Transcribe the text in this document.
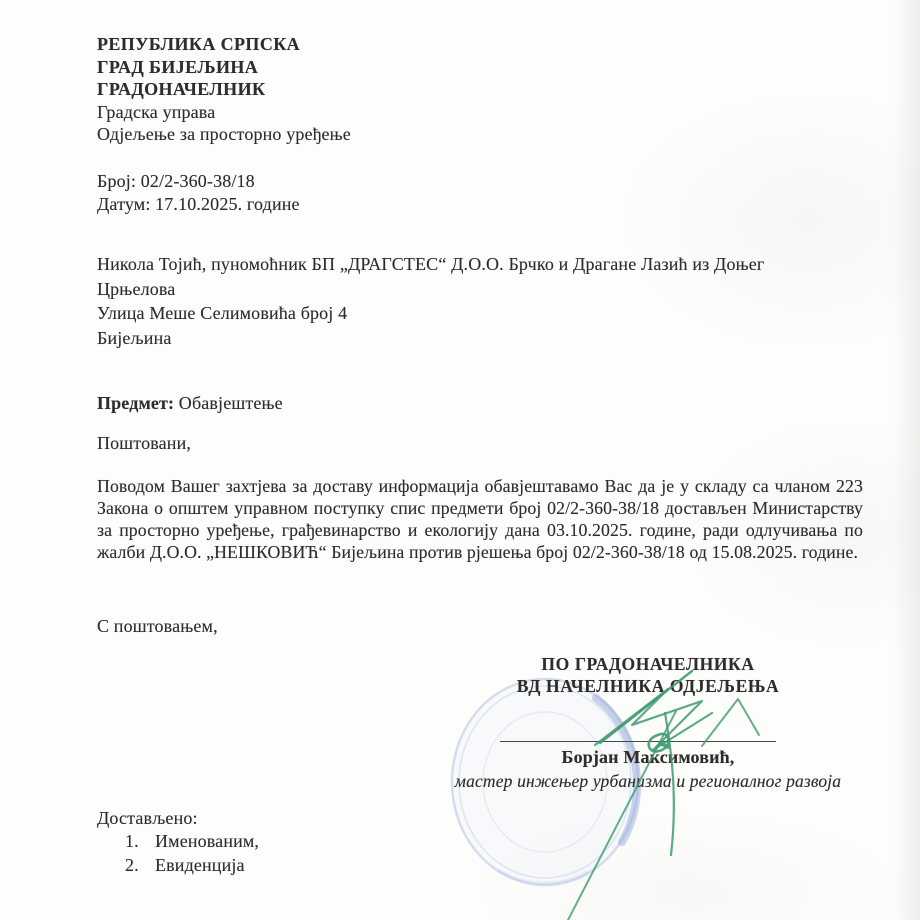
РЕПУБЛИКА СРПСКА
ГРАД БИЈЕЉИНА
ГРАДОНАЧЕЛНИК
Градска управа
Одјељење за просторно уређење
Број: 02/2-360-38/18
Датум: 17.10.2025. године
Никола Тојић, пуномоћник БП „ДРАГСТЕС“ Д.О.О. Брчко и Драгане Лазић из Доњег
Црњелова
Улица Меше Селимовића број 4
Бијељина
Предмет: Обавјештење
Поштовани,
Поводом Вашег захтјева за доставу информација обавјештавамо Вас да је у складу са чланом 223 Закона о општем управном поступку спис предмети број 02/2-360-38/18 достављен Министарству за просторно уређење, грађевинарство и екологију дана 03.10.2025. године, ради одлучивања по жалби Д.О.О. „НЕШКОВИЋ“ Бијељина против рјешења број 02/2-360-38/18 од 15.08.2025. године.
С поштовањем,
ПО ГРАДОНАЧЕЛНИКА
ВД НАЧЕЛНИКА ОДЈЕЉЕЊА
Борјан Максимовић,
мастер инжењер урбанизма и регионалног развоја
Достављено:
1. Именованим,
2. Евиденција
